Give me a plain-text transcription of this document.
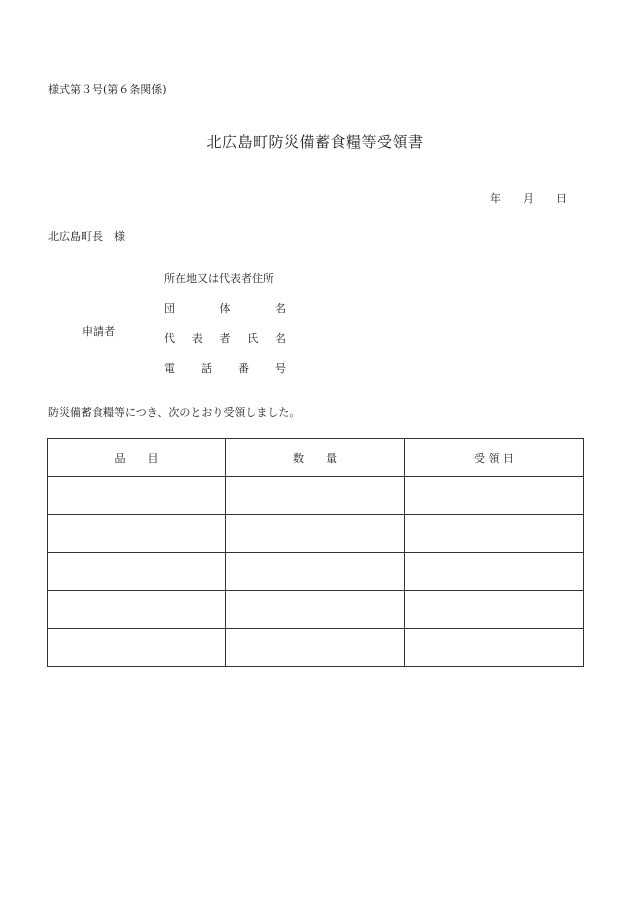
様式第３号(第６条関係)
北広島町防災備蓄食糧等受領書
年 月 日
北広島町長　様
申請者
所在地又は代表者住所
団	体	名
代 表 者 氏 名
電 話 番 号
防災備蓄食糧等につき、次のとおり受領しました。
品 目	数 量	受 領 日
